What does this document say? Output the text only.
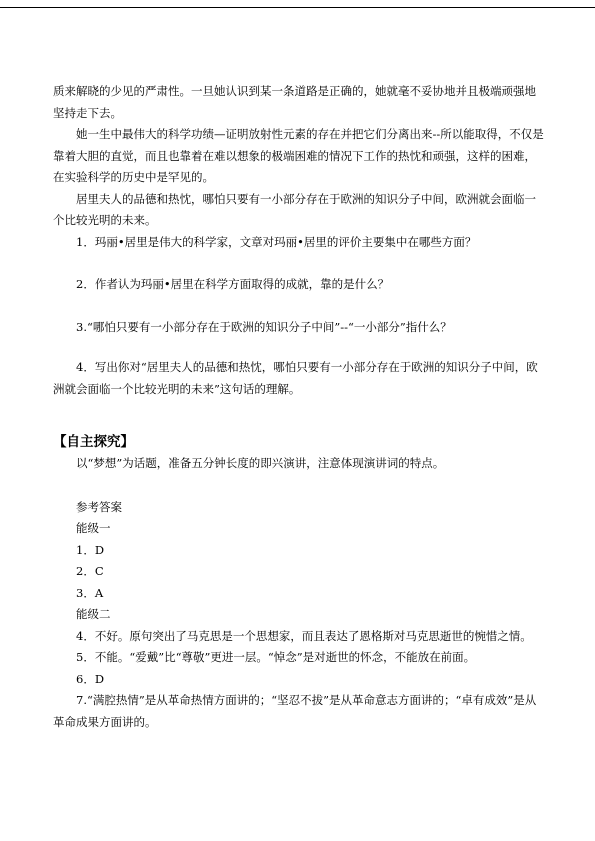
质来解晓的少见的严肃性。一旦她认识到某一条道路是正确的，她就毫不妥协地并且极端顽强地坚持走下去。

她一生中最伟大的科学功绩—证明放射性元素的存在并把它们分离出来--所以能取得，不仅是靠着大胆的直觉，而且也靠着在难以想象的极端困难的情况下工作的热忱和顽强，这样的困难，在实验科学的历史中是罕见的。

居里夫人的品德和热忱，哪怕只要有一小部分存在于欧洲的知识分子中间，欧洲就会面临一个比较光明的未来。

1．玛丽•居里是伟大的科学家，文章对玛丽•居里的评价主要集中在哪些方面？

2．作者认为玛丽•居里在科学方面取得的成就，靠的是什么？

3.“哪怕只要有一小部分存在于欧洲的知识分子中间”--“一小部分”指什么？

4．写出你对“居里夫人的品德和热忱，哪怕只要有一小部分存在于欧洲的知识分子中间，欧洲就会面临一个比较光明的未来”这句话的理解。

【自主探究】

以“梦想”为话题，准备五分钟长度的即兴演讲，注意体现演讲词的特点。

参考答案

能级一

1．D

2．C

3．A

能级二

4．不好。原句突出了马克思是一个思想家，而且表达了恩格斯对马克思逝世的惋惜之情。

5．不能。“爱戴”比“尊敬”更进一层。“悼念”是对逝世的怀念，不能放在前面。

6．D

7.“满腔热情”是从革命热情方面讲的；“坚忍不拔”是从革命意志方面讲的；“卓有成效”是从革命成果方面讲的。
